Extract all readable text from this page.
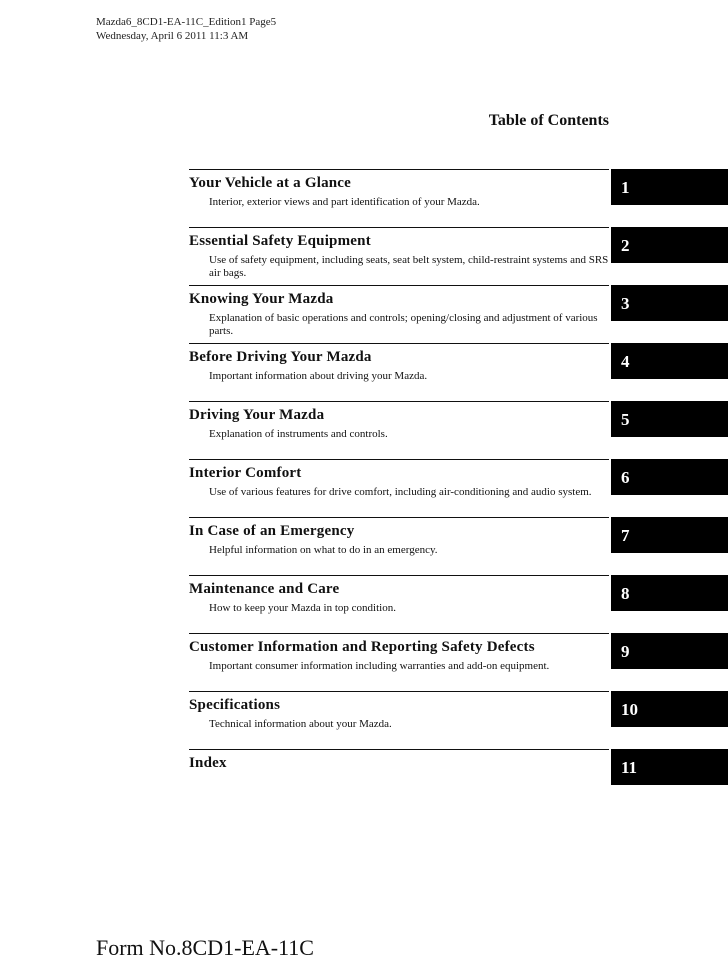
Mazda6_8CD1-EA-11C_Edition1 Page5
Wednesday, April 6 2011 11:3 AM
Table of Contents
Your Vehicle at a Glance
Interior, exterior views and part identification of your Mazda.
1
Essential Safety Equipment
Use of safety equipment, including seats, seat belt system, child-restraint systems and SRS air bags.
2
Knowing Your Mazda
Explanation of basic operations and controls; opening/closing and adjustment of various parts.
3
Before Driving Your Mazda
Important information about driving your Mazda.
4
Driving Your Mazda
Explanation of instruments and controls.
5
Interior Comfort
Use of various features for drive comfort, including air-conditioning and audio system.
6
In Case of an Emergency
Helpful information on what to do in an emergency.
7
Maintenance and Care
How to keep your Mazda in top condition.
8
Customer Information and Reporting Safety Defects
Important consumer information including warranties and add-on equipment.
9
Specifications
Technical information about your Mazda.
10
Index	11
Form No.8CD1-EA-11C
